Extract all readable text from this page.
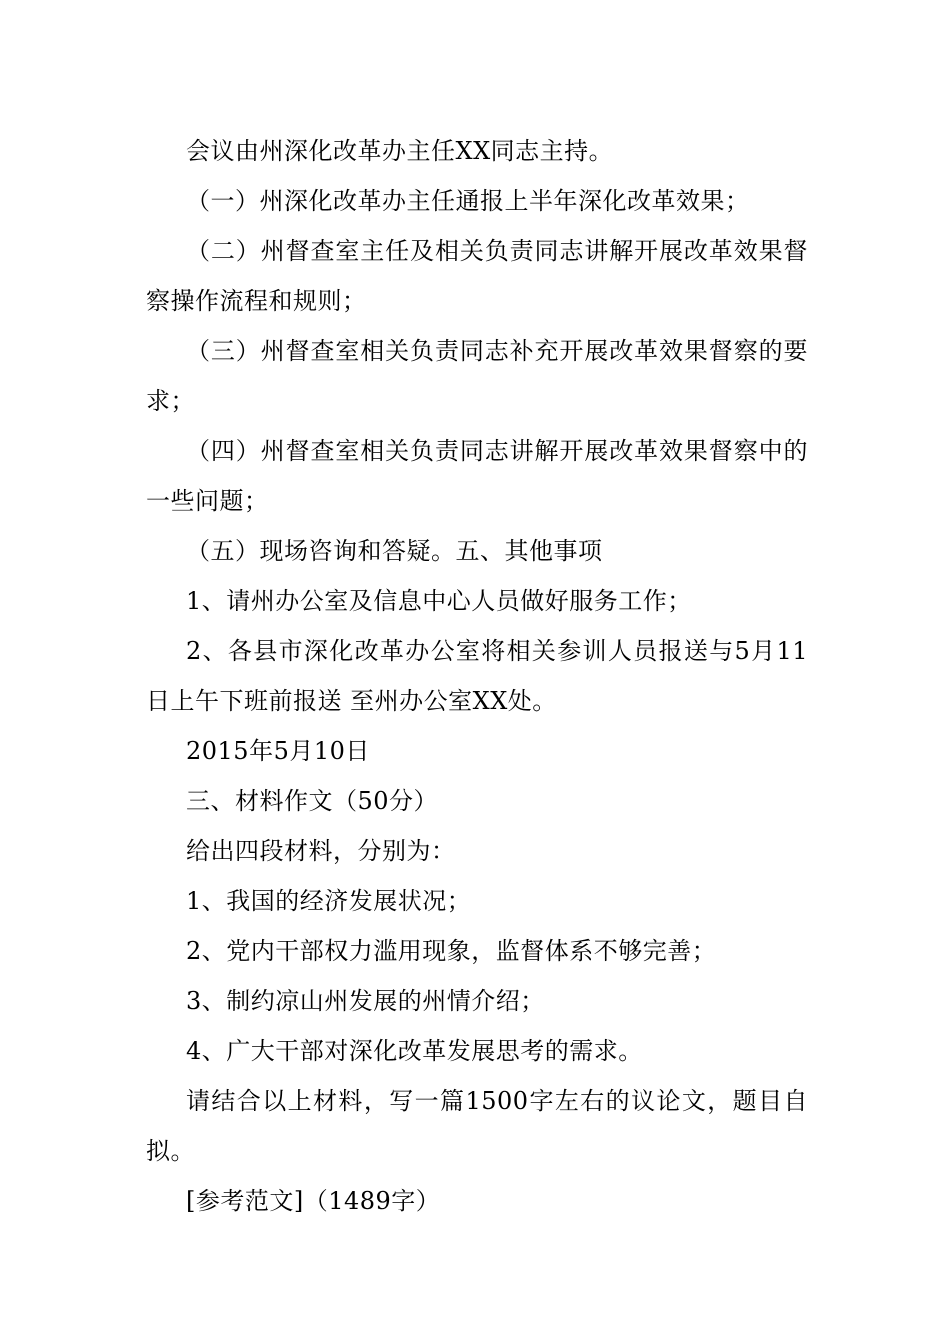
会议由州深化改革办主任XX同志主持。

（一）州深化改革办主任通报上半年深化改革效果；

（二）州督查室主任及相关负责同志讲解开展改革效果督察操作流程和规则；

（三）州督查室相关负责同志补充开展改革效果督察的要求；

（四）州督查室相关负责同志讲解开展改革效果督察中的一些问题；

（五）现场咨询和答疑。五、其他事项

1、请州办公室及信息中心人员做好服务工作；

2、各县市深化改革办公室将相关参训人员报送与5月11日上午下班前报送 至州办公室XX处。

2015年5月10日

三、材料作文（50分）

给出四段材料，分别为：

1、我国的经济发展状况；

2、党内干部权力滥用现象，监督体系不够完善；

3、制约凉山州发展的州情介绍；

4、广大干部对深化改革发展思考的需求。

请结合以上材料，写一篇1500字左右的议论文，题目自拟。

[参考范文]（1489字）
